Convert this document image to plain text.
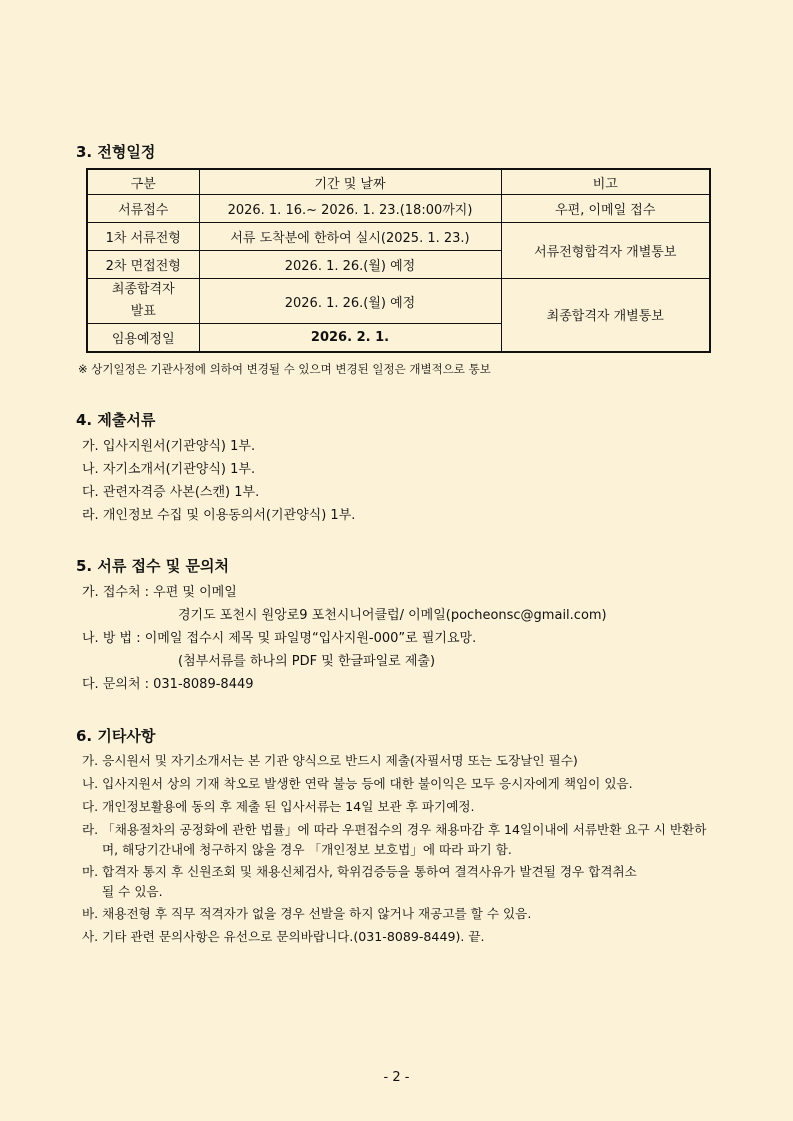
3. 전형일정
구분	기간 및 날짜	비고
서류접수	2026. 1. 16.~ 2026. 1. 23.(18:00까지)	우편, 이메일 접수
1차 서류전형	서류 도착분에 한하여 실시(2025. 1. 23.)	서류전형합격자 개별통보
2차 면접전형	2026. 1. 26.(월) 예정	

최종합격자
발표	2026. 1. 26.(월) 예정	최종합격자 개별통보
임용예정일	2026. 2. 1.	
※ 상기일정은 기관사정에 의하여 변경될 수 있으며 변경된 일정은 개별적으로 통보
4. 제출서류
가. 입사지원서(기관양식) 1부.
나. 자기소개서(기관양식) 1부.
다. 관련자격증 사본(스캔) 1부.
라. 개인정보 수집 및 이용동의서(기관양식) 1부.
5. 서류 접수 및 문의처
가. 접수처 : 우편 및 이메일
경기도 포천시 원앙로9 포천시니어클럽/ 이메일(pocheonsc@gmail.com)
나. 방 법 : 이메일 접수시 제목 및 파일명“입사지원-000”로 필기요망.
(첨부서류를 하나의 PDF 및 한글파일로 제출)
다. 문의처 : 031-8089-8449
6. 기타사항
가. 응시원서 및 자기소개서는 본 기관 양식으로 반드시 제출(자필서명 또는 도장날인 필수)
나. 입사지원서 상의 기재 착오로 발생한 연락 불능 등에 대한 불이익은 모두 응시자에게 책임이 있음.
다. 개인정보활용에 동의 후 제출 된 입사서류는 14일 보관 후 파기예정.
라. 「채용절차의 공정화에 관한 법률」에 따라 우편접수의 경우 채용마감 후 14일이내에 서류반환 요구 시 반환하
며, 해당기간내에 청구하지 않을 경우 「개인정보 보호법」에 따라 파기 함.
마. 합격자 통지 후 신원조회 및 채용신체검사, 학위검증등을 통하여 결격사유가 발견될 경우 합격취소
될 수 있음.
바. 채용전형 후 직무 적격자가 없을 경우 선발을 하지 않거나 재공고를 할 수 있음.
사. 기타 관련 문의사항은 유선으로 문의바랍니다.(031-8089-8449). 끝.
- 2 -
